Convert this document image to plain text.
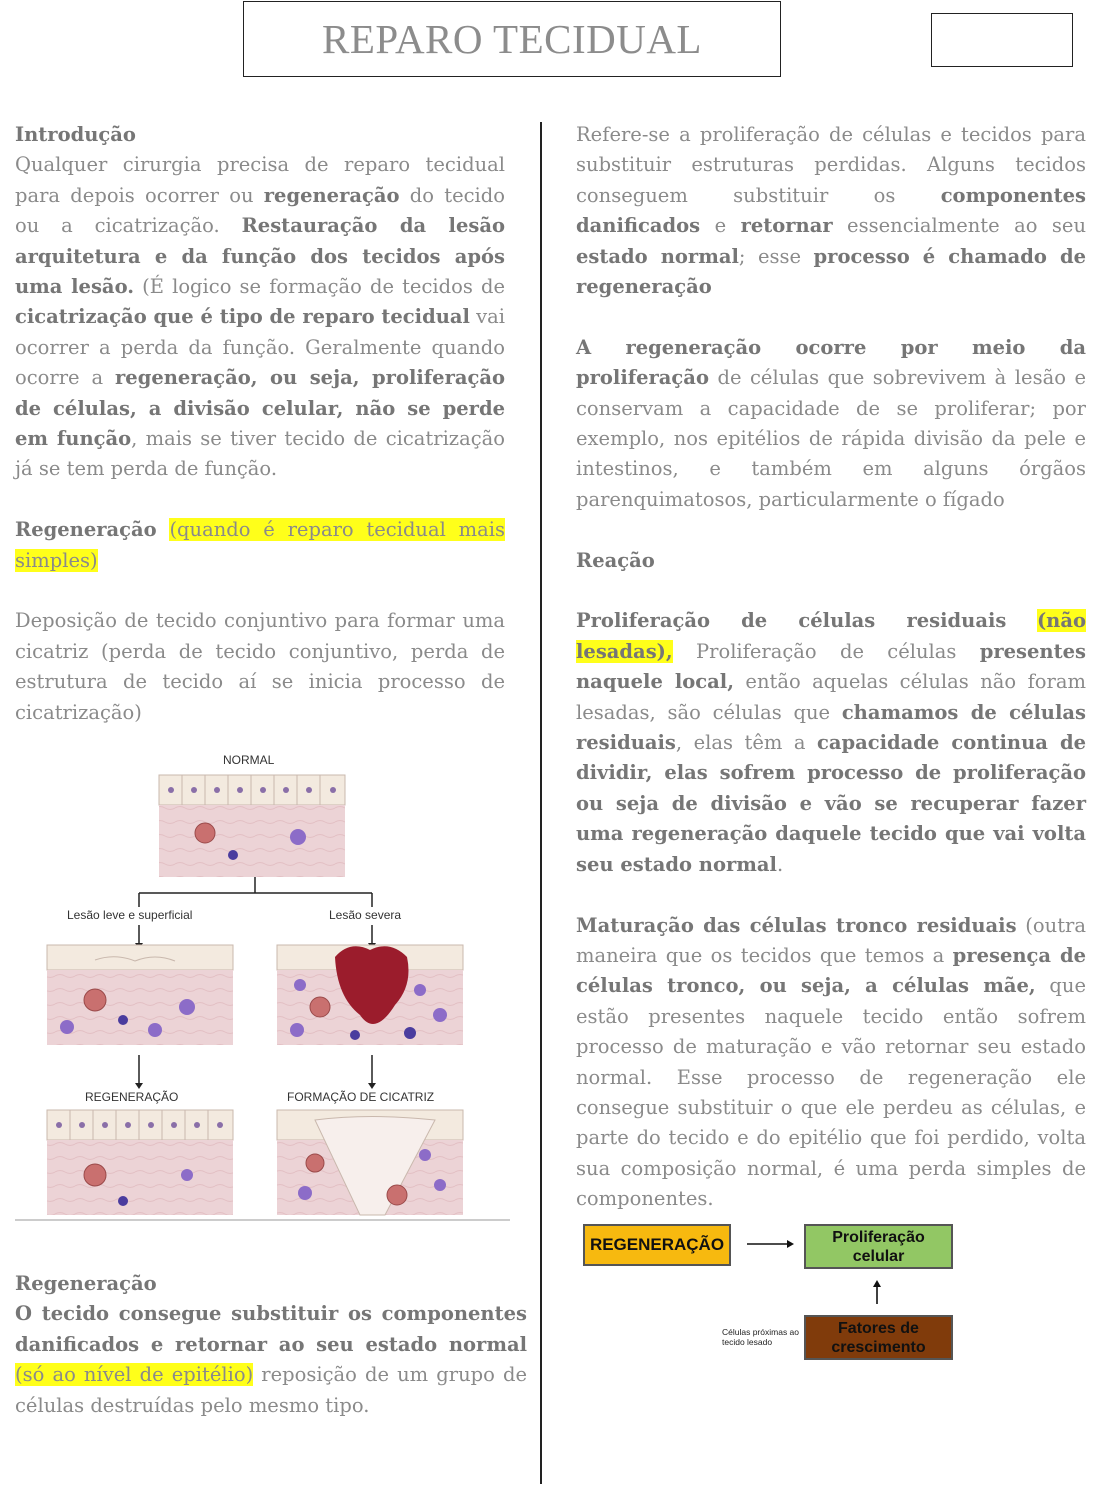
REPARO TECIDUAL

Introdução

Qualquer cirurgia precisa de reparo tecidual para depois ocorrer ou regeneração do tecido ou a cicatrização. Restauração da lesão arquitetura e da função dos tecidos após uma lesão. (É logico se formação de tecidos de cicatrização que é tipo de reparo tecidual vai ocorrer a perda da função. Geralmente quando ocorre a regeneração, ou seja, proliferação de células, a divisão celular, não se perde em função, mais se tiver tecido de cicatrização já se tem perda de função.

Regeneração (quando é reparo tecidual mais simples)

Deposição de tecido conjuntivo para formar uma cicatriz (perda de tecido conjuntivo, perda de estrutura de tecido aí se inicia processo de cicatrização)

NORMAL
Lesão leve e superficial	Lesão severa
REGENERAÇÃO	FORMAÇÃO DE CICATRIZ

Regeneração

O tecido consegue substituir os componentes danificados e retornar ao seu estado normal (só ao nível de epitélio) reposição de um grupo de células destruídas pelo mesmo tipo.

Refere-se a proliferação de células e tecidos para substituir estruturas perdidas. Alguns tecidos conseguem substituir os componentes danificados e retornar essencialmente ao seu estado normal; esse processo é chamado de regeneração

A regeneração ocorre por meio da proliferação de células que sobrevivem à lesão e conservam a capacidade de se proliferar; por exemplo, nos epitélios de rápida divisão da pele e intestinos, e também em alguns órgãos parenquimatosos, particularmente o fígado

Reação

Proliferação de células residuais (não lesadas), Proliferação de células presentes naquele local, então aquelas células não foram lesadas, são células que chamamos de células residuais, elas têm a capacidade continua de dividir, elas sofrem processo de proliferação ou seja de divisão e vão se recuperar fazer uma regeneração daquele tecido que vai volta seu estado normal.

Maturação das células tronco residuais (outra maneira que os tecidos que temos a presença de células tronco, ou seja, a células mãe, que estão presentes naquele tecido então sofrem processo de maturação e vão retornar seu estado normal. Esse processo de regeneração ele consegue substituir o que ele perdeu as células, e parte do tecido e do epitélio que foi perdido, volta sua composição normal, é uma perda simples de componentes.

REGENERAÇÃO	Proliferação
celular
Fatores de
crescimento
Células próximas ao tecido lesado
